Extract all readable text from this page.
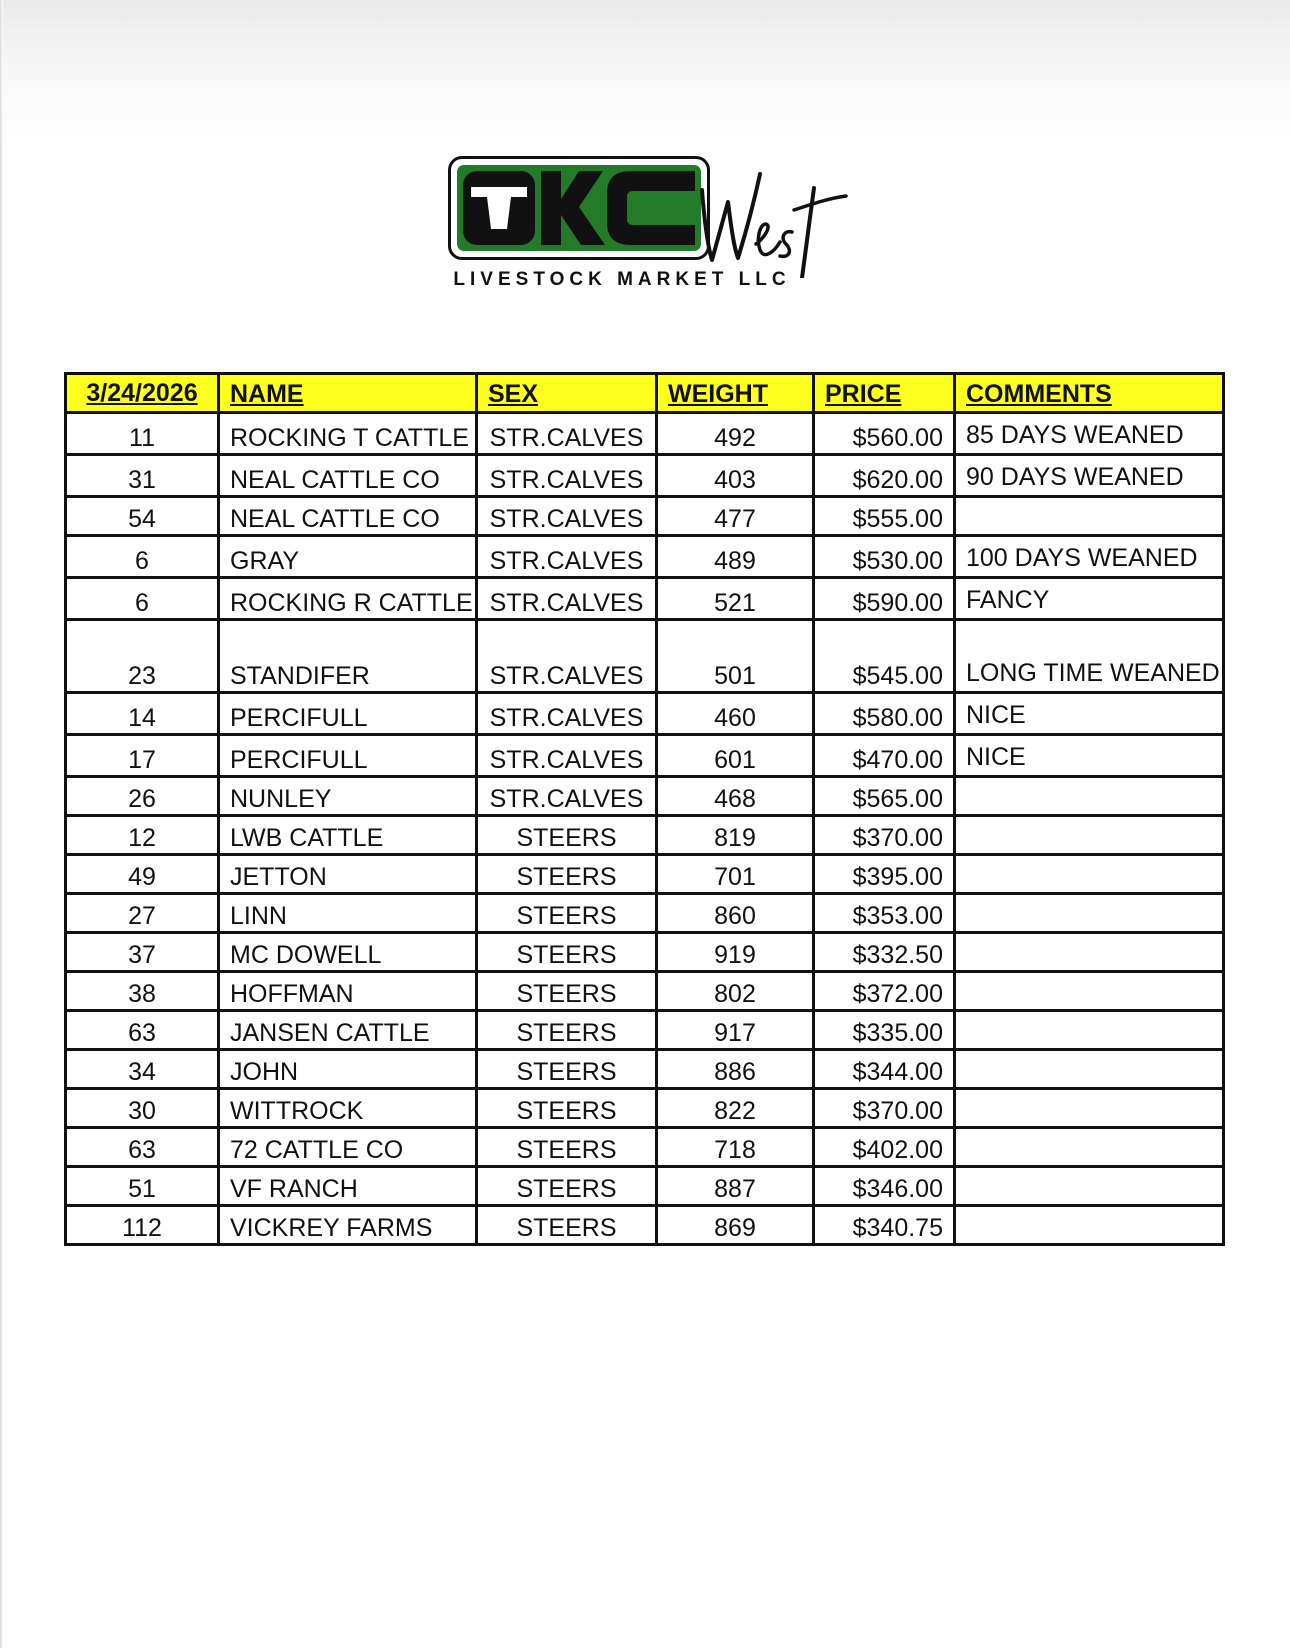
LIVESTOCK MARKET LLC
3/24/2026	NAME	SEX	WEIGHT	PRICE	COMMENTS
11	ROCKING T CATTLE	STR.CALVES	492	$560.00	85 DAYS WEANED
31	NEAL CATTLE CO	STR.CALVES	403	$620.00	90 DAYS WEANED
54	NEAL CATTLE CO	STR.CALVES	477	$555.00	
6	GRAY	STR.CALVES	489	$530.00	100 DAYS WEANED
6	ROCKING R CATTLE	STR.CALVES	521	$590.00	FANCY
23	STANDIFER	STR.CALVES	501	$545.00	LONG TIME WEANED
14	PERCIFULL	STR.CALVES	460	$580.00	NICE
17	PERCIFULL	STR.CALVES	601	$470.00	NICE
26	NUNLEY	STR.CALVES	468	$565.00	
12	LWB CATTLE	STEERS	819	$370.00	
49	JETTON	STEERS	701	$395.00	
27	LINN	STEERS	860	$353.00	
37	MC DOWELL	STEERS	919	$332.50	
38	HOFFMAN	STEERS	802	$372.00	
63	JANSEN CATTLE	STEERS	917	$335.00	
34	JOHN	STEERS	886	$344.00	
30	WITTROCK	STEERS	822	$370.00	
63	72 CATTLE CO	STEERS	718	$402.00	
51	VF RANCH	STEERS	887	$346.00	
112	VICKREY FARMS	STEERS	869	$340.75	
